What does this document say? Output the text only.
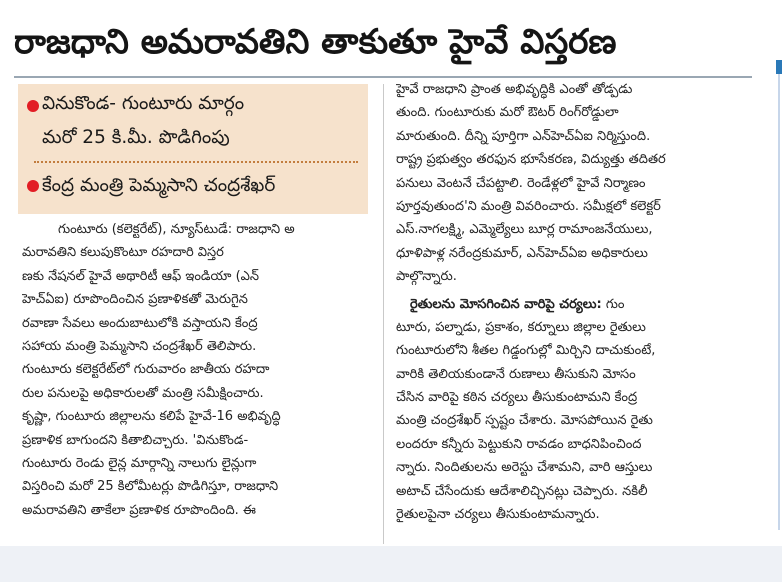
రాజధాని అమరావతిని తాకుతూ హైవే విస్తరణ
వినుకొండ- గుంటూరు మార్గం
మరో 25 కి.మీ. పొడిగింపు
కేంద్ర మంత్రి పెమ్మసాని చంద్రశేఖర్
గుంటూరు (కలెక్టరేట్), న్యూస్‌టుడే: రాజధాని అ
మరావతిని కలుపుకొంటూ రహదారి విస్తర
ణకు నేషనల్ హైవే అథారిటీ ఆఫ్ ఇండియా (ఎన్
హెచ్ఏఐ) రూపొందించిన ప్రణాళికతో మెరుగైన
రవాణా సేవలు అందుబాటులోకి వస్తాయని కేంద్ర
సహాయ మంత్రి పెమ్మసాని చంద్రశేఖర్ తెలిపారు.
గుంటూరు కలెక్టరేట్‌లో గురువారం జాతీయ రహదా
రుల పనులపై అధికారులతో మంత్రి సమీక్షించారు.
కృష్ణా, గుంటూరు జిల్లాలను కలిపే హైవే-16 అభివృద్ధి
ప్రణాళిక బాగుందని కితాబిచ్చారు. 'వినుకొండ-
గుంటూరు రెండు లైన్ల మార్గాన్ని నాలుగు లైన్లుగా
విస్తరించి మరో 25 కిలోమీటర్లు పొడిగిస్తూ, రాజధాని
అమరావతిని తాకేలా ప్రణాళిక రూపొందింది. ఈ
హైవే రాజధాని ప్రాంత అభివృద్ధికి ఎంతో తోడ్పడు
తుంది. గుంటూరుకు మరో ఔటర్ రింగ్‌రోడ్డులా
మారుతుంది. దీన్ని పూర్తిగా ఎన్‌హెచ్ఏఐ నిర్మిస్తుంది.
రాష్ట్ర ప్రభుత్వం తరఫున భూసేకరణ, విద్యుత్తు తదితర
పనులు వెంటనే చేపట్టాలి. రెండేళ్లలో హైవే నిర్మాణం
పూర్తవుతుంద'ని మంత్రి వివరించారు. సమీక్షలో కలెక్టర్
ఎస్.నాగలక్ష్మి, ఎమ్మెల్యేలు బూర్ల రామాంజనేయులు,
ధూళిపాళ్ల నరేంద్రకుమార్, ఎన్‌హెచ్ఏఐ అధికారులు
పాల్గొన్నారు.
రైతులను మోసగించిన వారిపై చర్యలు: గుం
టూరు, పల్నాడు, ప్రకాశం, కర్నూలు జిల్లాల రైతులు
గుంటూరులోని శీతల గిడ్డంగుల్లో మిర్చిని దాచుకుంటే,
వారికి తెలియకుండానే రుణాలు తీసుకుని మోసం
చేసిన వారిపై కఠిన చర్యలు తీసుకుంటామని కేంద్ర
మంత్రి చంద్రశేఖర్ స్పష్టం చేశారు. మోసపోయిన రైతు
లందరూ కన్నీరు పెట్టుకుని రావడం బాధనిపించింద
న్నారు. నిందితులను అరెస్టు చేశామని, వారి ఆస్తులు
అటాచ్ చేసేందుకు ఆదేశాలిచ్చినట్లు చెప్పారు. నకిలీ
రైతులపైనా చర్యలు తీసుకుంటామన్నారు.
